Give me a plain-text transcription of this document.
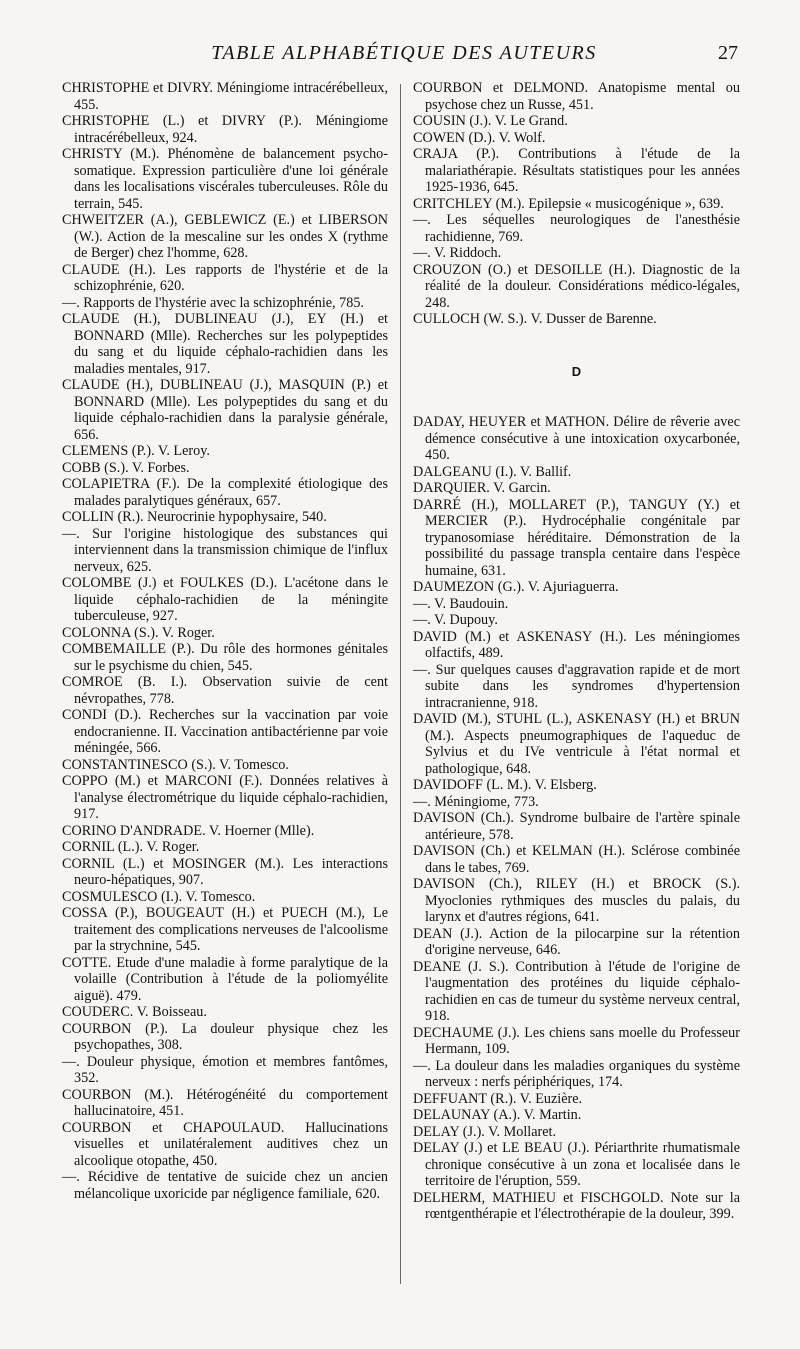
TABLE ALPHABÉTIQUE DES AUTEURS	27

CHRISTOPHE et DIVRY. Méningiome intracérébelleux, 455.

CHRISTOPHE (L.) et DIVRY (P.). Méningiome intracérébelleux, 924.

CHRISTY (M.). Phénomène de balancement psycho-somatique. Expression particulière d'une loi générale dans les localisations viscérales tuberculeuses. Rôle du terrain, 545.

CHWEITZER (A.), GEBLEWICZ (E.) et LIBERSON (W.). Action de la mescaline sur les ondes X (rythme de Berger) chez l'homme, 628.

CLAUDE (H.). Les rapports de l'hystérie et de la schizophrénie, 620.

—. Rapports de l'hystérie avec la schizophrénie, 785.

CLAUDE (H.), DUBLINEAU (J.), EY (H.) et BONNARD (Mlle). Recherches sur les polypeptides du sang et du liquide céphalo-rachidien dans les maladies mentales, 917.

CLAUDE (H.), DUBLINEAU (J.), MASQUIN (P.) et BONNARD (Mlle). Les polypeptides du sang et du liquide céphalo-rachidien dans la paralysie générale, 656.

CLEMENS (P.). V. Leroy.

COBB (S.). V. Forbes.

COLAPIETRA (F.). De la complexité étiologique des malades paralytiques généraux, 657.

COLLIN (R.). Neurocrinie hypophysaire, 540.

—. Sur l'origine histologique des substances qui interviennent dans la transmission chimique de l'influx nerveux, 625.

COLOMBE (J.) et FOULKES (D.). L'acétone dans le liquide céphalo-rachidien de la méningite tuberculeuse, 927.

COLONNA (S.). V. Roger.

COMBEMAILLE (P.). Du rôle des hormones génitales sur le psychisme du chien, 545.

COMROE (B. I.). Observation suivie de cent névropathes, 778.

CONDI (D.). Recherches sur la vaccination par voie endocranienne. II. Vaccination antibactérienne par voie méningée, 566.

CONSTANTINESCO (S.). V. Tomesco.

COPPO (M.) et MARCONI (F.). Données relatives à l'analyse électrométrique du liquide céphalo-rachidien, 917.

CORINO D'ANDRADE. V. Hoerner (Mlle).

CORNIL (L.). V. Roger.

CORNIL (L.) et MOSINGER (M.). Les interactions neuro-hépatiques, 907.

COSMULESCO (I.). V. Tomesco.

COSSA (P.), BOUGEAUT (H.) et PUECH (M.), Le traitement des complications nerveuses de l'alcoolisme par la strychnine, 545.

COTTE. Etude d'une maladie à forme paralytique de la volaille (Contribution à l'étude de la poliomyélite aiguë). 479.

COUDERC. V. Boisseau.

COURBON (P.). La douleur physique chez les psychopathes, 308.

—. Douleur physique, émotion et membres fantômes, 352.

COURBON (M.). Hétérogénéité du comportement hallucinatoire, 451.

COURBON et CHAPOULAUD. Hallucinations visuelles et unilatéralement auditives chez un alcoolique otopathe, 450.

—. Récidive de tentative de suicide chez un ancien mélancolique uxoricide par négligence familiale, 620.

COURBON et DELMOND. Anatopisme mental ou psychose chez un Russe, 451.

COUSIN (J.). V. Le Grand.

COWEN (D.). V. Wolf.

CRAJA (P.). Contributions à l'étude de la malariathérapie. Résultats statistiques pour les années 1925-1936, 645.

CRITCHLEY (M.). Epilepsie « musicogénique », 639.

—. Les séquelles neurologiques de l'anesthésie rachidienne, 769.

—. V. Riddoch.

CROUZON (O.) et DESOILLE (H.). Diagnostic de la réalité de la douleur. Considérations médico-légales, 248.

CULLOCH (W. S.). V. Dusser de Barenne.

D

DADAY, HEUYER et MATHON. Délire de rêverie avec démence consécutive à une intoxication oxycarbonée, 450.

DALGEANU (I.). V. Ballif.

DARQUIER. V. Garcin.

DARRÉ (H.), MOLLARET (P.), TANGUY (Y.) et MERCIER (P.). Hydrocéphalie congénitale par trypanosomiase héréditaire. Démonstration de la possibilité du passage transpla centaire dans l'espèce humaine, 631.

DAUMEZON (G.). V. Ajuriaguerra.

—. V. Baudouin.

—. V. Dupouy.

DAVID (M.) et ASKENASY (H.). Les méningiomes olfactifs, 489.

—. Sur quelques causes d'aggravation rapide et de mort subite dans les syndromes d'hypertension intracranienne, 918.

DAVID (M.), STUHL (L.), ASKENASY (H.) et BRUN (M.). Aspects pneumographiques de l'aqueduc de Sylvius et du IVe ventricule à l'état normal et pathologique, 648.

DAVIDOFF (L. M.). V. Elsberg.

—. Méningiome, 773.

DAVISON (Ch.). Syndrome bulbaire de l'artère spinale antérieure, 578.

DAVISON (Ch.) et KELMAN (H.). Sclérose combinée dans le tabes, 769.

DAVISON (Ch.), RILEY (H.) et BROCK (S.). Myoclonies rythmiques des muscles du palais, du larynx et d'autres régions, 641.

DEAN (J.). Action de la pilocarpine sur la rétention d'origine nerveuse, 646.

DEANE (J. S.). Contribution à l'étude de l'origine de l'augmentation des protéines du liquide céphalo-rachidien en cas de tumeur du système nerveux central, 918.

DECHAUME (J.). Les chiens sans moelle du Professeur Hermann, 109.

—. La douleur dans les maladies organiques du système nerveux : nerfs périphériques, 174.

DEFFUANT (R.). V. Euzière.

DELAUNAY (A.). V. Martin.

DELAY (J.). V. Mollaret.

DELAY (J.) et LE BEAU (J.). Périarthrite rhumatismale chronique consécutive à un zona et localisée dans le territoire de l'éruption, 559.

DELHERM, MATHIEU et FISCHGOLD. Note sur la rœntgenthérapie et l'électrothérapie de la douleur, 399.
